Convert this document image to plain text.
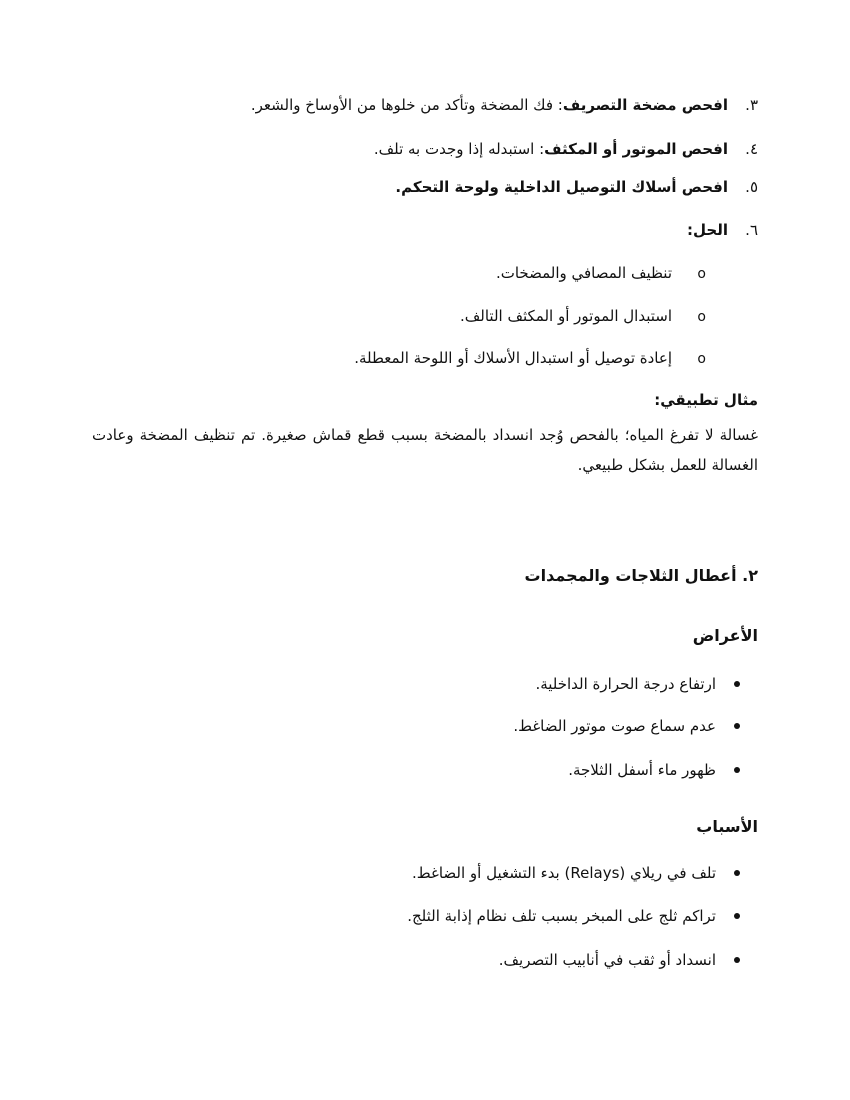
٣.افحص مضخة التصريف: فك المضخة وتأكد من خلوها من الأوساخ والشعر.
٤.افحص الموتور أو المكثف: استبدله إذا وجدت به تلف.
٥.افحص أسلاك التوصيل الداخلية ولوحة التحكم.
٦.الحل:
oتنظيف المصافي والمضخات.
oاستبدال الموتور أو المكثف التالف.
oإعادة توصيل أو استبدال الأسلاك أو اللوحة المعطلة.
مثال تطبيقي:
غسالة لا تفرغ المياه؛ بالفحص وُجد انسداد بالمضخة بسبب قطع قماش صغيرة. تم تنظيف المضخة وعادت الغسالة للعمل بشكل طبيعي.
٢. أعطال الثلاجات والمجمدات
الأعراض
ارتفاع درجة الحرارة الداخلية.
عدم سماع صوت موتور الضاغط.
ظهور ماء أسفل الثلاجة.
الأسباب
تلف في ريلاي (Relays) بدء التشغيل أو الضاغط.
تراكم ثلج على المبخر بسبب تلف نظام إذابة الثلج.
انسداد أو ثقب في أنابيب التصريف.
